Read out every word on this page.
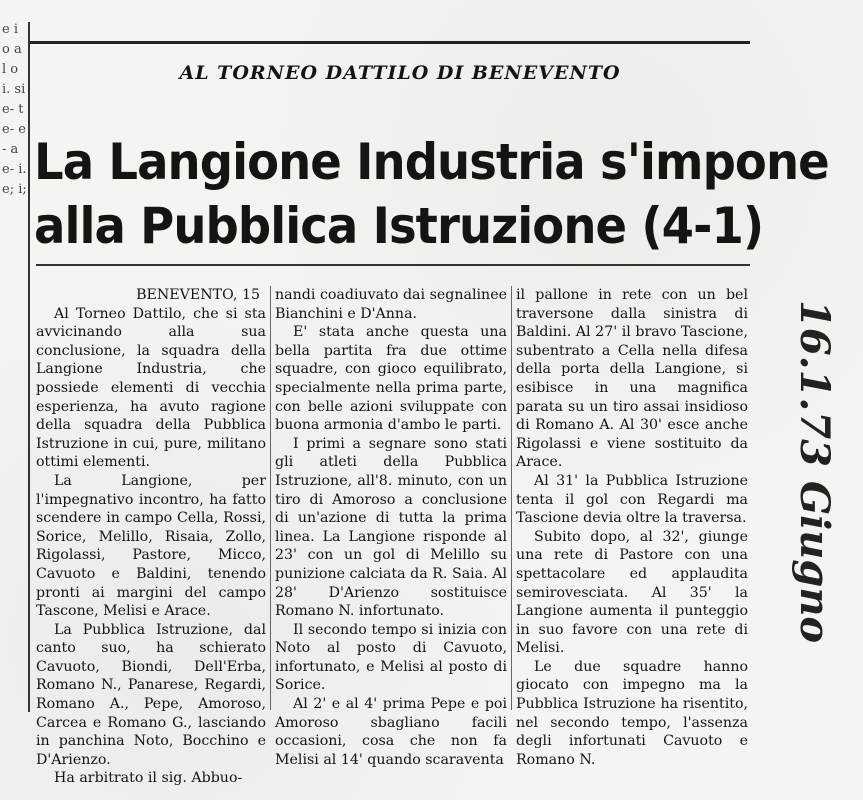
e i o a l o i. si e- t e- e- a e- i. e; i;
AL TORNEO DATTILO DI BENEVENTO
La Langione Industria s'impone
alla Pubblica Istruzione (4-1)

BENEVENTO, 15

Al Torneo Dattilo, che si sta avvicinando alla sua conclusione, la squadra della Langione Industria, che possiede elementi di vecchia esperienza, ha avuto ragione della squadra della Pubblica Istruzione in cui, pure, militano ottimi elementi.

La Langione, per l'impegnativo incontro, ha fatto scendere in campo Cella, Rossi, Sorice, Melillo, Risaia, Zollo, Rigolassi, Pastore, Micco, Cavuoto e Baldini, tenendo pronti ai margini del campo Tascone, Melisi e Arace.

La Pubblica Istruzione, dal canto suo, ha schierato Cavuoto, Biondi, Dell'Erba, Romano N., Panarese, Regardi, Romano A., Pepe, Amoroso, Carcea e Romano G., lasciando in panchina Noto, Bocchino e D'Arienzo.

Ha arbitrato il sig. Abbuo-

nandi coadiuvato dai segnalinee Bianchini e D'Anna.

E' stata anche questa una bella partita fra due ottime squadre, con gioco equilibrato, specialmente nella prima parte, con belle azioni sviluppate con buona armonia d'ambo le parti.

I primi a segnare sono stati gli atleti della Pubblica Istruzione, all'8. minuto, con un tiro di Amoroso a conclusione di un'azione di tutta la prima linea. La Langione risponde al 23' con un gol di Melillo su punizione calciata da R. Saia. Al 28' D'Arienzo sostituisce Romano N. infortunato.

Il secondo tempo si inizia con Noto al posto di Cavuoto, infortunato, e Melisi al posto di Sorice.

Al 2' e al 4' prima Pepe e poi Amoroso sbagliano facili occasioni, cosa che non fa Melisi al 14' quando scaraventa

il pallone in rete con un bel traversone dalla sinistra di Baldini. Al 27' il bravo Tascione, subentrato a Cella nella difesa della porta della Langione, si esibisce in una magnifica parata su un tiro assai insidioso di Romano A. Al 30' esce anche Rigolassi e viene sostituito da Arace.

Al 31' la Pubblica Istruzione tenta il gol con Regardi ma Tascione devia oltre la traversa.

Subito dopo, al 32', giunge una rete di Pastore con una spettacolare ed applaudita semirovesciata. Al 35' la Langione aumenta il punteggio in suo favore con una rete di Melisi.

Le due squadre hanno giocato con impegno ma la Pubblica Istruzione ha risentito, nel secondo tempo, l'assenza degli infortunati Cavuoto e Romano N.

16.1.73 Giugno
